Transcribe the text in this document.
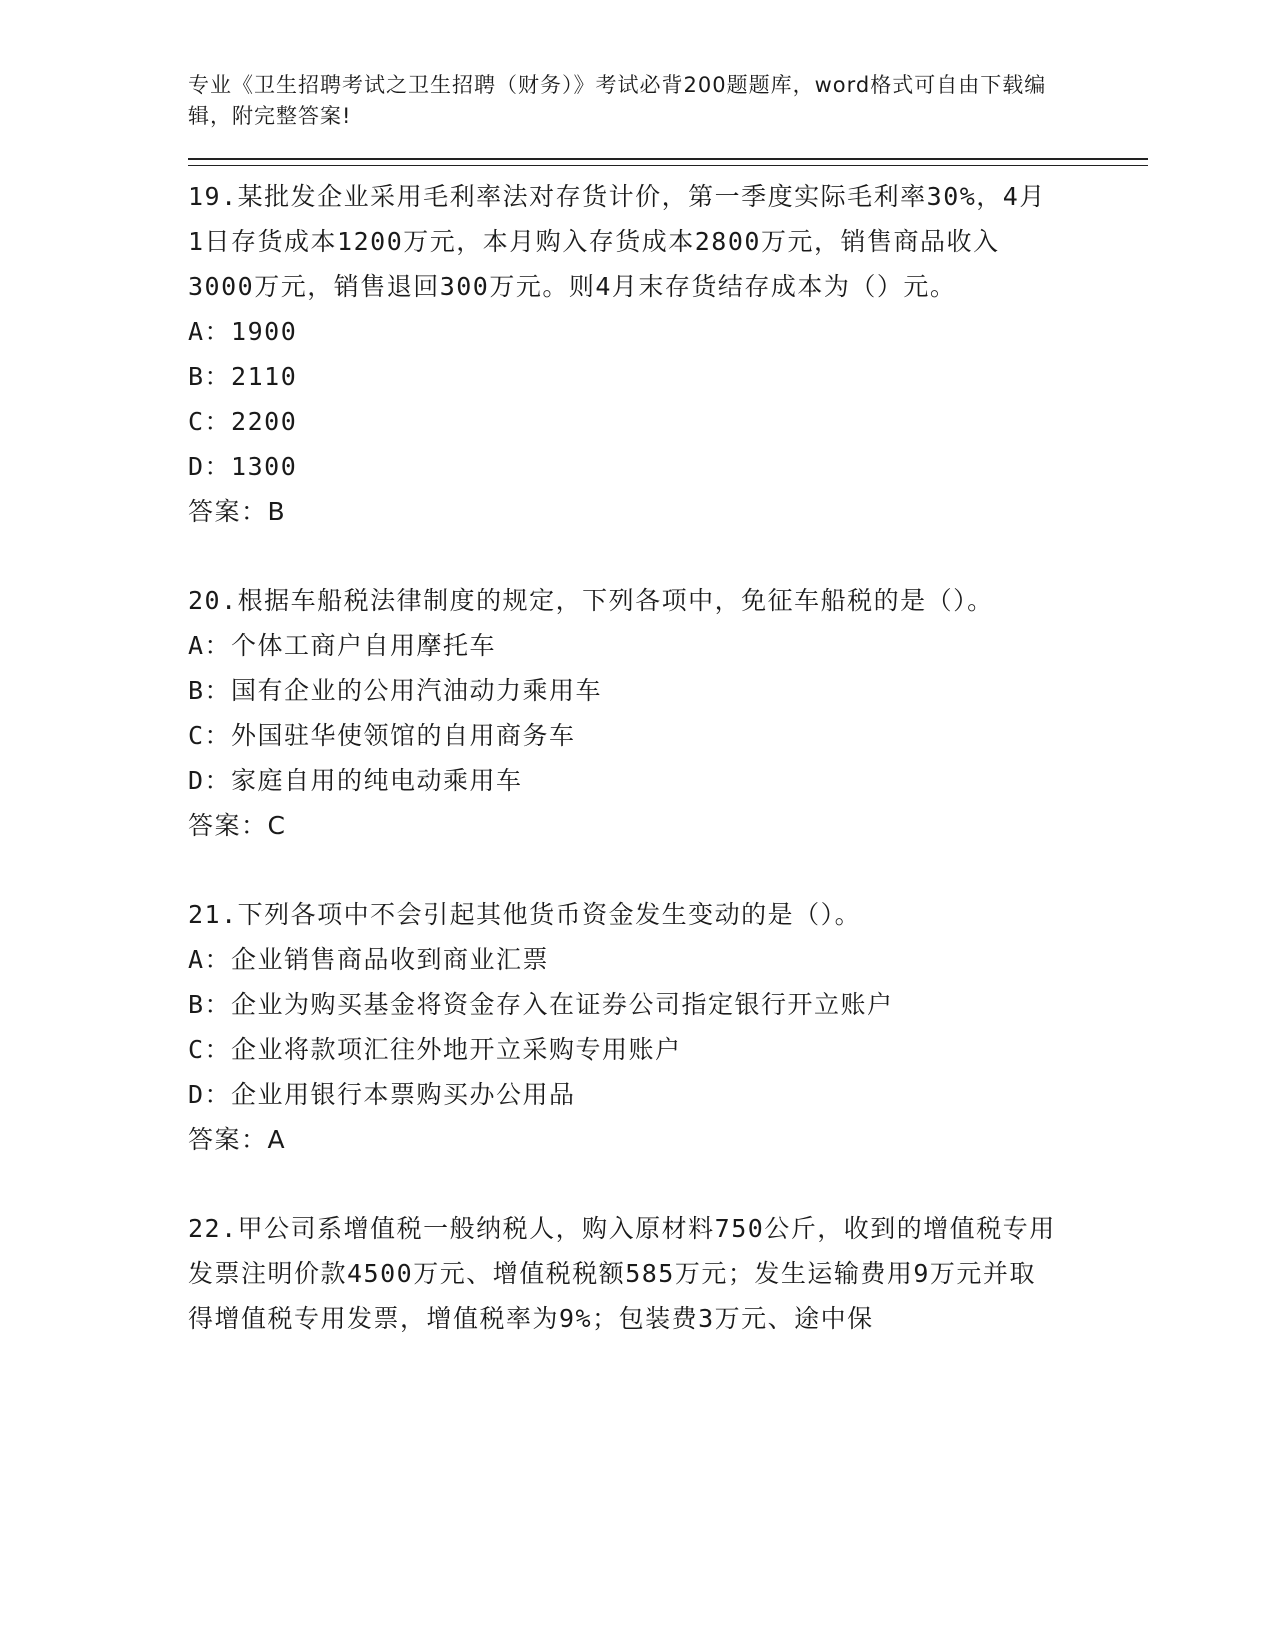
专业《卫生招聘考试之卫生招聘（财务）》考试必背200题题库，word格式可自由下载编辑，附完整答案!

19.某批发企业采用毛利率法对存货计价，第一季度实际毛利率30%，4月1日存货成本1200万元，本月购入存货成本2800万元，销售商品收入3000万元，销售退回300万元。则4月末存货结存成本为（）元。

A：1900

B：2110

C：2200

D：1300

答案：B

20.根据车船税法律制度的规定，下列各项中，免征车船税的是（）。

A：个体工商户自用摩托车

B：国有企业的公用汽油动力乘用车

C：外国驻华使领馆的自用商务车

D：家庭自用的纯电动乘用车

答案：C

21.下列各项中不会引起其他货币资金发生变动的是（）。

A：企业销售商品收到商业汇票

B：企业为购买基金将资金存入在证券公司指定银行开立账户

C：企业将款项汇往外地开立采购专用账户

D：企业用银行本票购买办公用品

答案：A

22.甲公司系增值税一般纳税人，购入原材料750公斤，收到的增值税专用发票注明价款4500万元、增值税税额585万元；发生运输费用9万元并取得增值税专用发票，增值税率为9%；包装费3万元、途中保
